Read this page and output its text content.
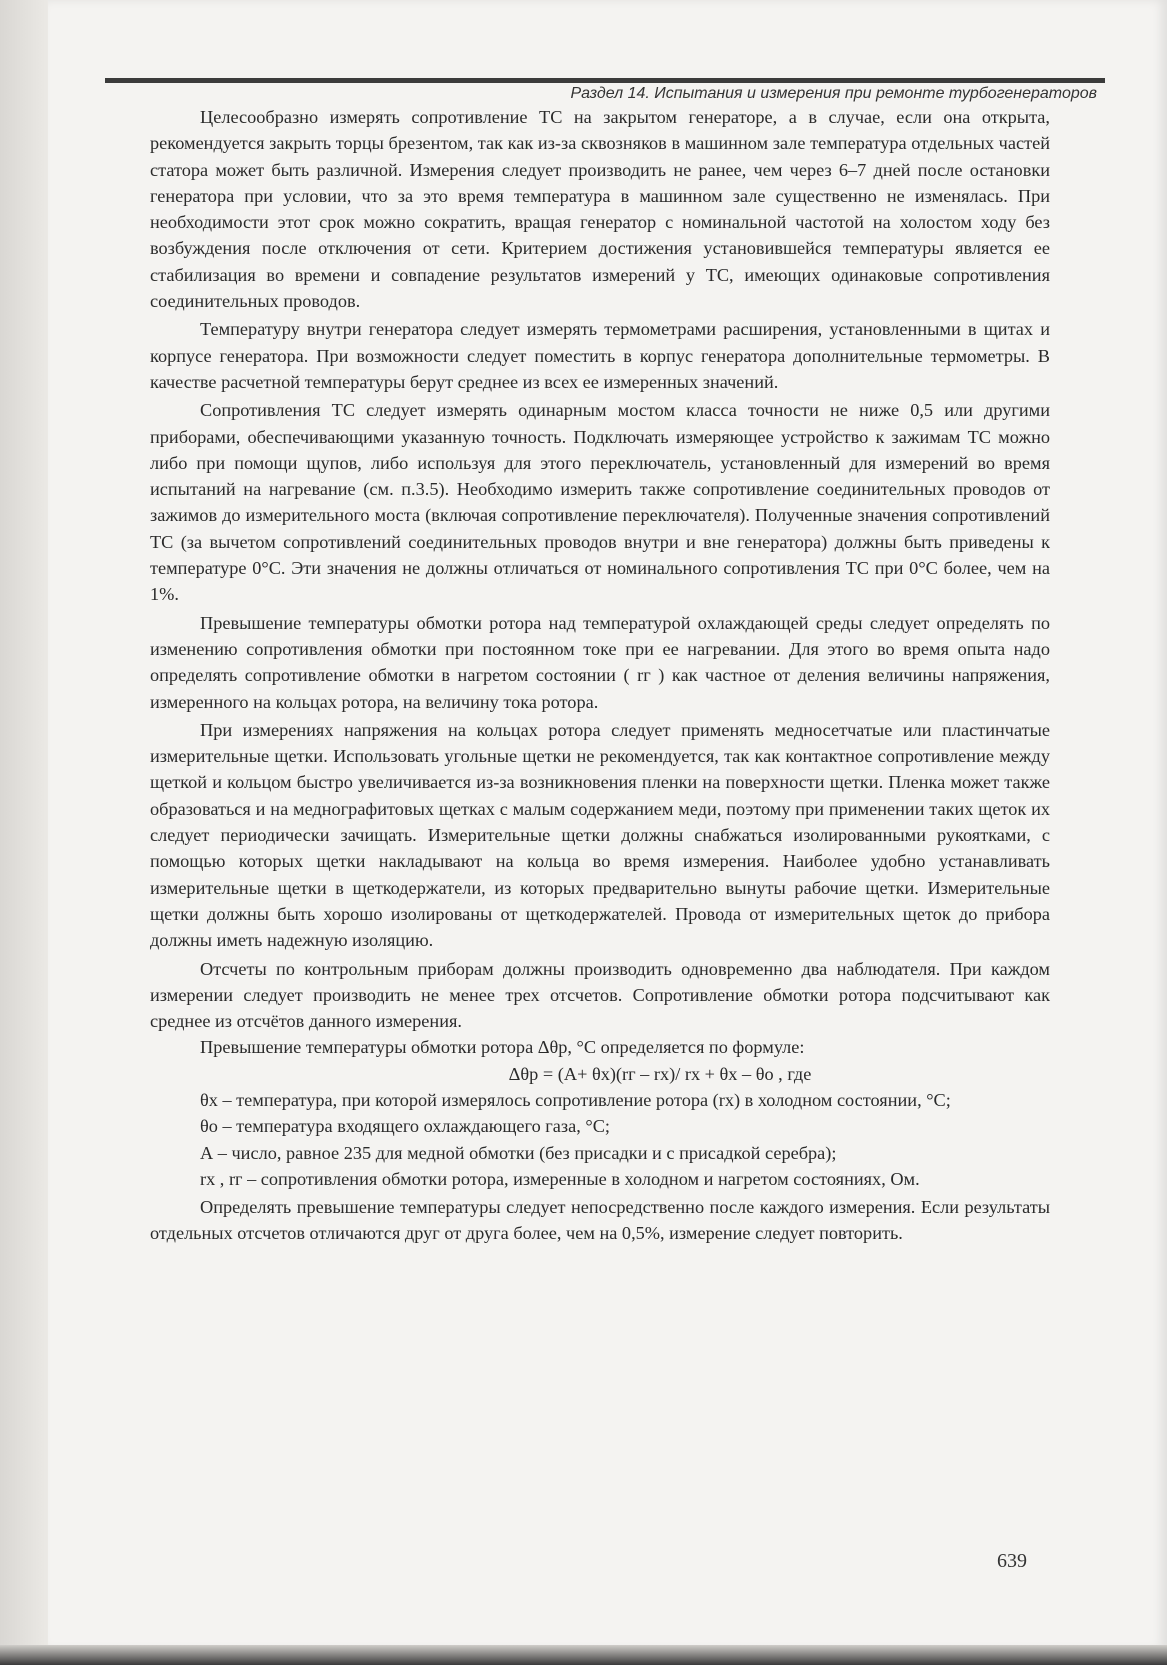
Раздел 14. Испытания и измерения при ремонте турбогенераторов

Целесообразно измерять сопротивление ТС на закрытом генераторе, а в случае, если она открыта, рекомендуется закрыть торцы брезентом, так как из-за сквозняков в машинном зале температура отдельных частей статора может быть различной. Измерения следует производить не ранее, чем через 6–7 дней после остановки генератора при условии, что за это время температура в машинном зале существенно не изменялась. При необходимости этот срок можно сократить, вращая генератор с номинальной частотой на холостом ходу без возбуждения после отключения от сети. Критерием достижения установившейся температуры является ее стабилизация во времени и совпадение результатов измерений у ТС, имеющих одинаковые сопротивления соединительных проводов.

Температуру внутри генератора следует измерять термометрами расширения, установленными в щитах и корпусе генератора. При возможности следует поместить в корпус генератора дополнительные термометры. В качестве расчетной температуры берут среднее из всех ее измеренных значений.

Сопротивления ТС следует измерять одинарным мостом класса точности не ниже 0,5 или другими приборами, обеспечивающими указанную точность. Подключать измеряющее устройство к зажимам ТС можно либо при помощи щупов, либо используя для этого переключатель, установленный для измерений во время испытаний на нагревание (см. п.3.5). Необходимо измерить также сопротивление соединительных проводов от зажимов до измерительного моста (включая сопротивление переключателя). Полученные значения сопротивлений ТС (за вычетом сопротивлений соединительных проводов внутри и вне генератора) должны быть приведены к температуре 0°С. Эти значения не должны отличаться от номинального сопротивления ТС при 0°С более, чем на 1%.

Превышение температуры обмотки ротора над температурой охлаждающей среды следует определять по изменению сопротивления обмотки при постоянном токе при ее нагревании. Для этого во время опыта надо определять сопротивление обмотки в нагретом состоянии ( rг ) как частное от деления величины напряжения, измеренного на кольцах ротора, на величину тока ротора.

При измерениях напряжения на кольцах ротора следует применять медносетчатые или пластинчатые измерительные щетки. Использовать угольные щетки не рекомендуется, так как контактное сопротивление между щеткой и кольцом быстро увеличивается из-за возникновения пленки на поверхности щетки. Пленка может также образоваться и на меднографитовых щетках с малым содержанием меди, поэтому при применении таких щеток их следует периодически зачищать. Измерительные щетки должны снабжаться изолированными рукоятками, с помощью которых щетки накладывают на кольца во время измерения. Наиболее удобно устанавливать измерительные щетки в щеткодержатели, из которых предварительно вынуты рабочие щетки. Измерительные щетки должны быть хорошо изолированы от щеткодержателей. Провода от измерительных щеток до прибора должны иметь надежную изоляцию.

Отсчеты по контрольным приборам должны производить одновременно два наблюдателя. При каждом измерении следует производить не менее трех отсчетов. Сопротивление обмотки ротора подсчитывают как среднее из отсчётов данного измерения.

Превышение температуры обмотки ротора Δθр, °С определяется по формуле:

Δθр = (A+ θх)(rг – rх)/ rх + θх – θо , где

θх – температура, при которой измерялось сопротивление ротора (rх) в холодном состоянии, °С;

θо – температура входящего охлаждающего газа, °С;

А – число, равное 235 для медной обмотки (без присадки и с присадкой серебра);

rх , rг – сопротивления обмотки ротора, измеренные в холодном и нагретом состояниях, Ом.

Определять превышение температуры следует непосредственно после каждого измерения. Если результаты отдельных отсчетов отличаются друг от друга более, чем на 0,5%, измерение следует повторить.

639
